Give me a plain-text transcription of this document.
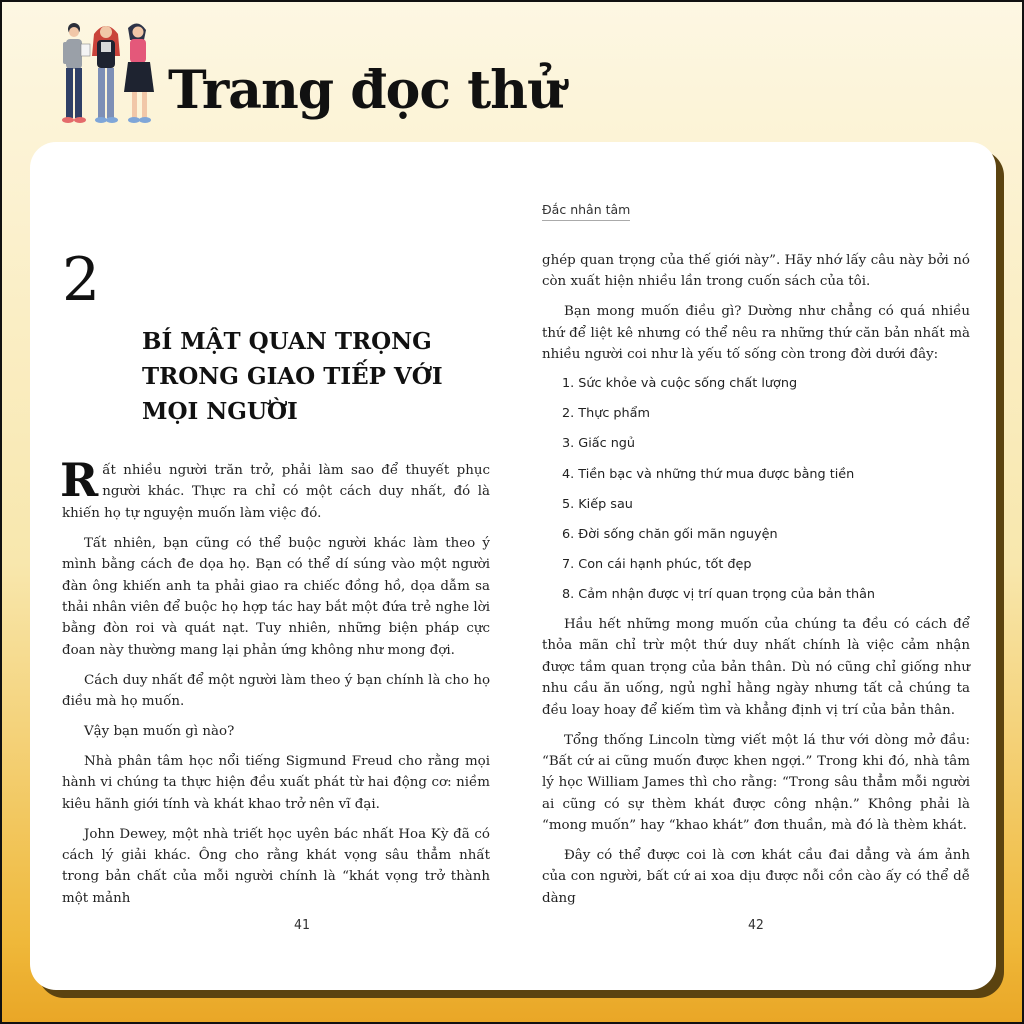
Trang đọc thử
2
BÍ MẬT QUAN TRỌNG
TRONG GIAO TIẾP VỚI
MỌI NGƯỜI

Rất nhiều người trăn trở, phải làm sao để thuyết phục người khác. Thực ra chỉ có một cách duy nhất, đó là khiến họ tự nguyện muốn làm việc đó.

Tất nhiên, bạn cũng có thể buộc người khác làm theo ý mình bằng cách đe dọa họ. Bạn có thể dí súng vào một người đàn ông khiến anh ta phải giao ra chiếc đồng hồ, dọa dẫm sa thải nhân viên để buộc họ hợp tác hay bắt một đứa trẻ nghe lời bằng đòn roi và quát nạt. Tuy nhiên, những biện pháp cực đoan này thường mang lại phản ứng không như mong đợi.

Cách duy nhất để một người làm theo ý bạn chính là cho họ điều mà họ muốn.

Vậy bạn muốn gì nào?

Nhà phân tâm học nổi tiếng Sigmund Freud cho rằng mọi hành vi chúng ta thực hiện đều xuất phát từ hai động cơ: niềm kiêu hãnh giới tính và khát khao trở nên vĩ đại.

John Dewey, một nhà triết học uyên bác nhất Hoa Kỳ đã có cách lý giải khác. Ông cho rằng khát vọng sâu thẳm nhất trong bản chất của mỗi người chính là “khát vọng trở thành một mảnh

41
Đắc nhân tâm

ghép quan trọng của thế giới này”. Hãy nhớ lấy câu này bởi nó còn xuất hiện nhiều lần trong cuốn sách của tôi.

Bạn mong muốn điều gì? Dường như chẳng có quá nhiều thứ để liệt kê nhưng có thể nêu ra những thứ căn bản nhất mà nhiều người coi như là yếu tố sống còn trong đời dưới đây:

1. Sức khỏe và cuộc sống chất lượng
2. Thực phẩm
3. Giấc ngủ
4. Tiền bạc và những thứ mua được bằng tiền
5. Kiếp sau
6. Đời sống chăn gối mãn nguyện
7. Con cái hạnh phúc, tốt đẹp
8. Cảm nhận được vị trí quan trọng của bản thân

Hầu hết những mong muốn của chúng ta đều có cách để thỏa mãn chỉ trừ một thứ duy nhất chính là việc cảm nhận được tầm quan trọng của bản thân. Dù nó cũng chỉ giống như nhu cầu ăn uống, ngủ nghỉ hằng ngày nhưng tất cả chúng ta đều loay hoay để kiếm tìm và khẳng định vị trí của bản thân.

Tổng thống Lincoln từng viết một lá thư với dòng mở đầu: “Bất cứ ai cũng muốn được khen ngợi.” Trong khi đó, nhà tâm lý học William James thì cho rằng: “Trong sâu thẳm mỗi người ai cũng có sự thèm khát được công nhận.” Không phải là “mong muốn” hay “khao khát” đơn thuần, mà đó là thèm khát.

Đây có thể được coi là cơn khát cầu đai dẳng và ám ảnh của con người, bất cứ ai xoa dịu được nỗi cồn cào ấy có thể dễ dàng

42
